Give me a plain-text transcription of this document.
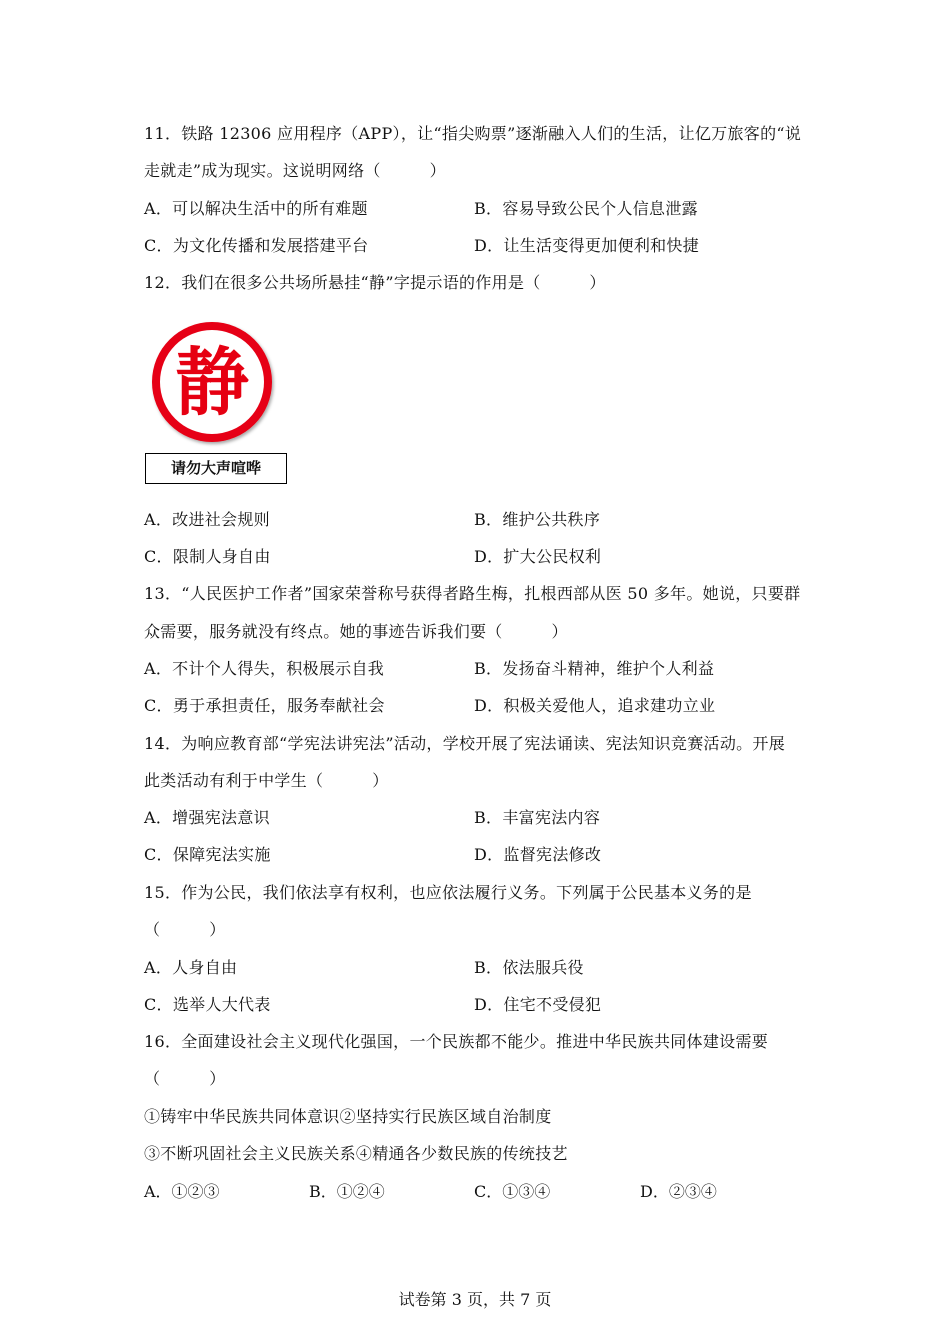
11．铁路 12306 应用程序（APP），让“指尖购票”逐渐融入人们的生活，让亿万旅客的“说
走就走”成为现实。这说明网络（　　　）
A．可以解决生活中的所有难题	B．容易导致公民个人信息泄露
C．为文化传播和发展搭建平台	D．让生活变得更加便利和快捷
12．我们在很多公共场所悬挂“静”字提示语的作用是（　　　）
静
请勿大声喧哗
A．改进社会规则	B．维护公共秩序
C．限制人身自由	D．扩大公民权利
13．“人民医护工作者”国家荣誉称号获得者路生梅，扎根西部从医 50 多年。她说，只要群
众需要，服务就没有终点。她的事迹告诉我们要（　　　）
A．不计个人得失，积极展示自我	B．发扬奋斗精神，维护个人利益
C．勇于承担责任，服务奉献社会	D．积极关爱他人，追求建功立业
14．为响应教育部“学宪法讲宪法”活动，学校开展了宪法诵读、宪法知识竞赛活动。开展
此类活动有利于中学生（　　　）
A．增强宪法意识	B．丰富宪法内容
C．保障宪法实施	D．监督宪法修改
15．作为公民，我们依法享有权利，也应依法履行义务。下列属于公民基本义务的是
（　　　）
A．人身自由	B．依法服兵役
C．选举人大代表	D．住宅不受侵犯
16．全面建设社会主义现代化强国，一个民族都不能少。推进中华民族共同体建设需要
（　　　）
①铸牢中华民族共同体意识②坚持实行民族区域自治制度
③不断巩固社会主义民族关系④精通各少数民族的传统技艺
A．①②③	B．①②④	C．①③④	D．②③④
试卷第 3 页，共 7 页
